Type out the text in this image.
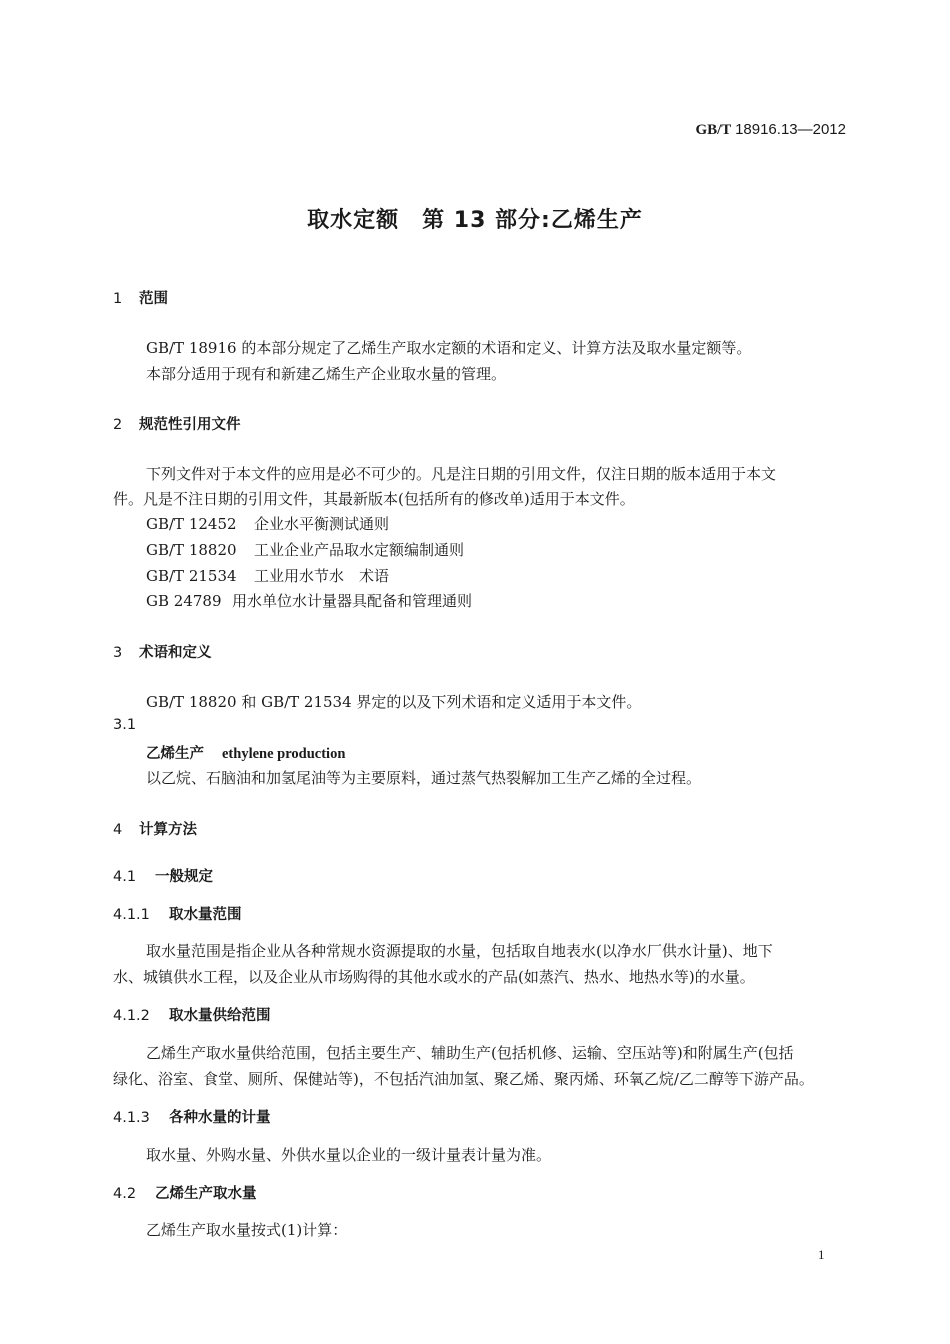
GB/T 18916.13—2012
取水定额　第 13 部分:乙烯生产
1 范围
GB/T 18916 的本部分规定了乙烯生产取水定额的术语和定义、计算方法及取水量定额等。
本部分适用于现有和新建乙烯生产企业取水量的管理。
2 规范性引用文件
下列文件对于本文件的应用是必不可少的。凡是注日期的引用文件，仅注日期的版本适用于本文
件。凡是不注日期的引用文件，其最新版本(包括所有的修改单)适用于本文件。
GB/T 12452 企业水平衡测试通则
GB/T 18820 工业企业产品取水定额编制通则
GB/T 21534 工业用水节水　术语
GB 24789 用水单位水计量器具配备和管理通则
3 术语和定义
GB/T 18820 和 GB/T 21534 界定的以及下列术语和定义适用于本文件。
3.1
乙烯生产 ethylene production
以乙烷、石脑油和加氢尾油等为主要原料，通过蒸气热裂解加工生产乙烯的全过程。
4 计算方法
4.1 一般规定
4.1.1 取水量范围
取水量范围是指企业从各种常规水资源提取的水量，包括取自地表水(以净水厂供水计量)、地下
水、城镇供水工程，以及企业从市场购得的其他水或水的产品(如蒸汽、热水、地热水等)的水量。
4.1.2 取水量供给范围
乙烯生产取水量供给范围，包括主要生产、辅助生产(包括机修、运输、空压站等)和附属生产(包括
绿化、浴室、食堂、厕所、保健站等)，不包括汽油加氢、聚乙烯、聚丙烯、环氧乙烷/乙二醇等下游产品。
4.1.3 各种水量的计量
取水量、外购水量、外供水量以企业的一级计量表计量为准。
4.2 乙烯生产取水量
乙烯生产取水量按式(1)计算：
1
